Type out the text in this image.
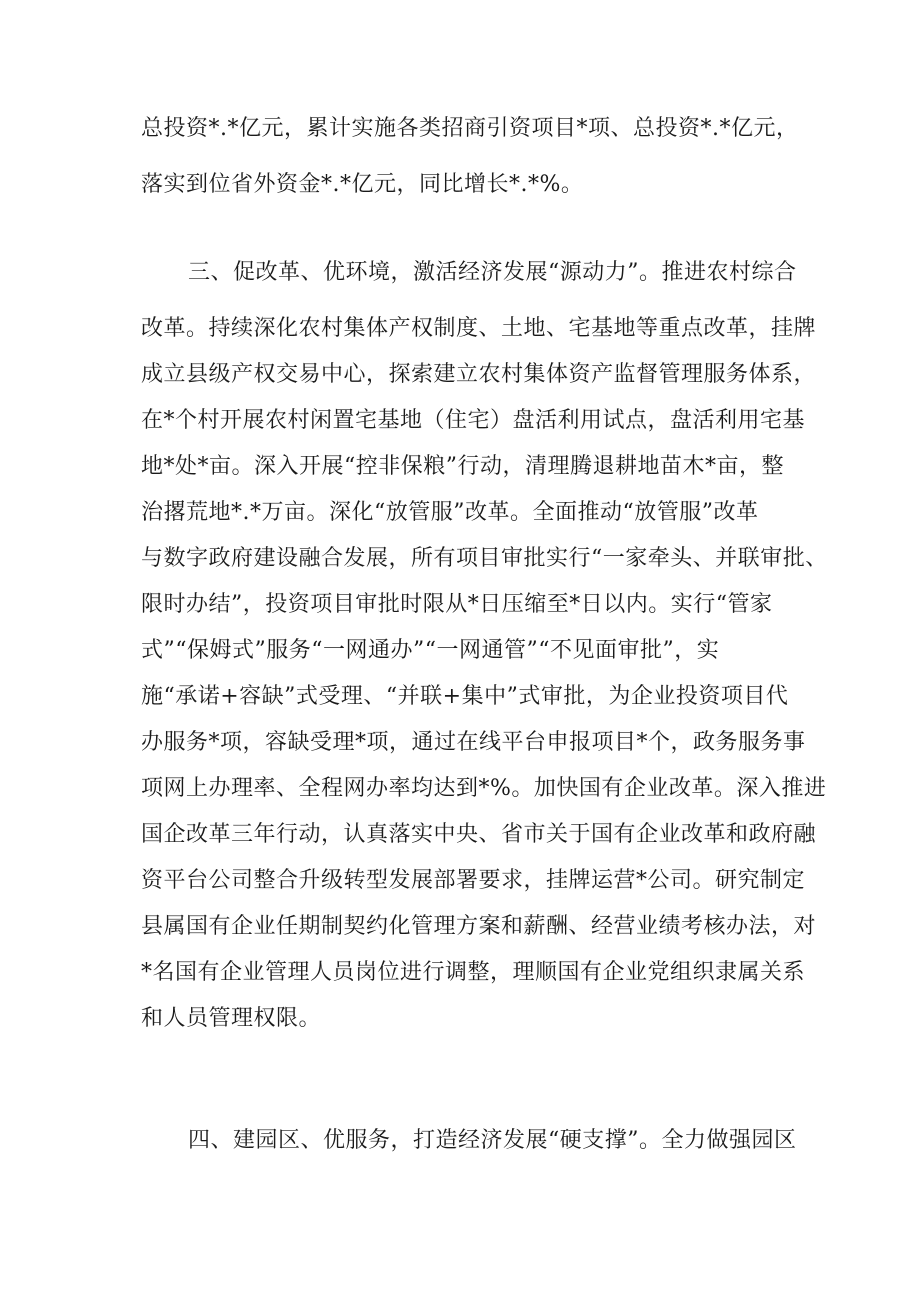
总投资*.*亿元，累计实施各类招商引资项目*项、总投资*.*亿元，
落实到位省外资金*.*亿元，同比增长*.*%。
三、促改革、优环境，激活经济发展“源动力”。推进农村综合
改革。持续深化农村集体产权制度、土地、宅基地等重点改革，挂牌
成立县级产权交易中心，探索建立农村集体资产监督管理服务体系，
在*个村开展农村闲置宅基地（住宅）盘活利用试点，盘活利用宅基
地*处*亩。深入开展“控非保粮”行动，清理腾退耕地苗木*亩，整
治撂荒地*.*万亩。深化“放管服”改革。全面推动“放管服”改革
与数字政府建设融合发展，所有项目审批实行“一家牵头、并联审批、
限时办结”，投资项目审批时限从*日压缩至*日以内。实行“管家
式”“保姆式”服务“一网通办”“一网通管”“不见面审批”，实
施“承诺+容缺”式受理、“并联+集中”式审批，为企业投资项目代
办服务*项，容缺受理*项，通过在线平台申报项目*个，政务服务事
项网上办理率、全程网办率均达到*%。加快国有企业改革。深入推进
国企改革三年行动，认真落实中央、省市关于国有企业改革和政府融
资平台公司整合升级转型发展部署要求，挂牌运营*公司。研究制定
县属国有企业任期制契约化管理方案和薪酬、经营业绩考核办法，对
*名国有企业管理人员岗位进行调整，理顺国有企业党组织隶属关系
和人员管理权限。
四、建园区、优服务，打造经济发展“硬支撑”。全力做强园区
